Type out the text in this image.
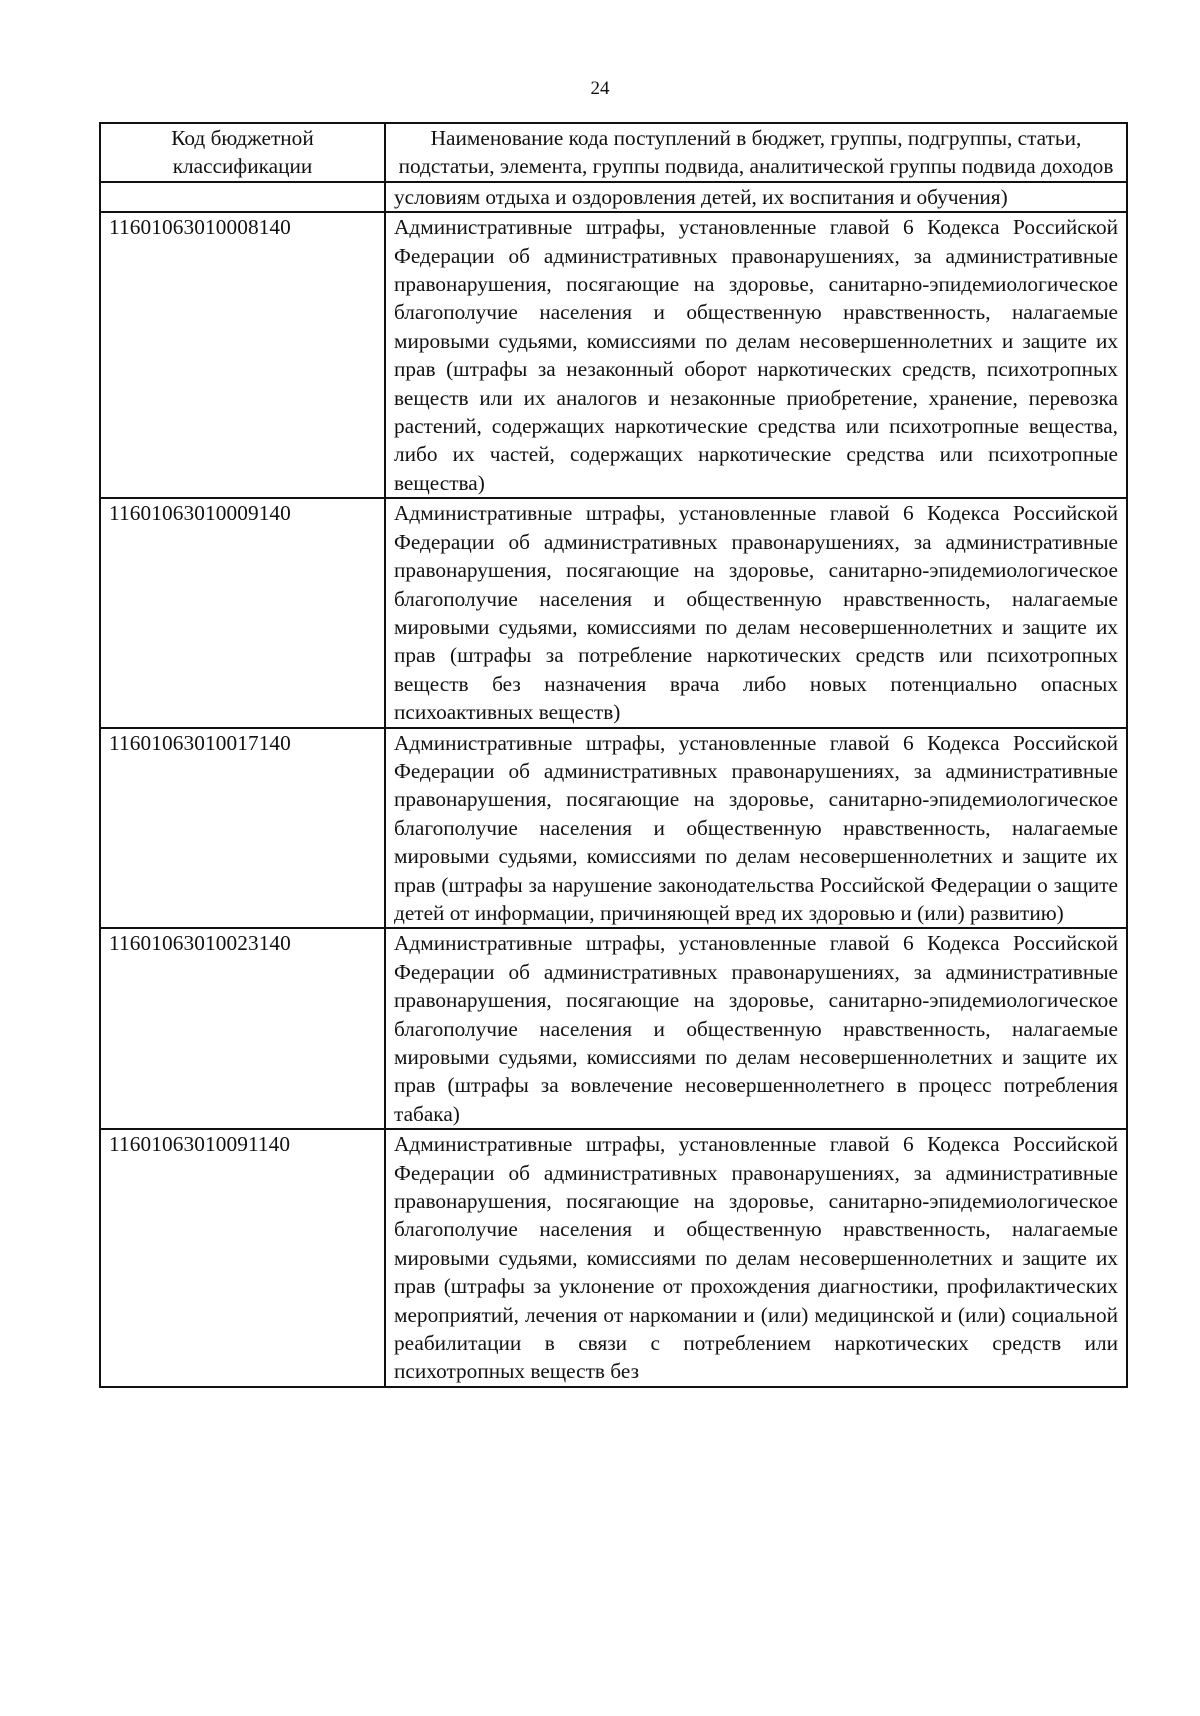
24
Код бюджетной классификации	Наименование кода поступлений в бюджет, группы, подгруппы, статьи, подстатьи, элемента, группы подвида, аналитической группы подвида доходов
	условиям отдыха и оздоровления детей, их воспитания и обучения)
11601063010008140	Административные штрафы, установленные главой 6 Кодекса Российской Федерации об административных правонарушениях, за административные правонарушения, посягающие на здоровье, санитарно-эпидемиологическое благополучие населения и общественную нравственность, налагаемые мировыми судьями, комиссиями по делам несовершеннолетних и защите их прав (штрафы за незаконный оборот наркотических средств, психотропных веществ или их аналогов и незаконные приобретение, хранение, перевозка растений, содержащих наркотические средства или психотропные вещества, либо их частей, содержащих наркотические средства или психотропные вещества)
11601063010009140	Административные штрафы, установленные главой 6 Кодекса Российской Федерации об административных правонарушениях, за административные правонарушения, посягающие на здоровье, санитарно-эпидемиологическое благополучие населения и общественную нравственность, налагаемые мировыми судьями, комиссиями по делам несовершеннолетних и защите их прав (штрафы за потребление наркотических средств или психотропных веществ без назначения врача либо новых потенциально опасных психоактивных веществ)
11601063010017140	Административные штрафы, установленные главой 6 Кодекса Российской Федерации об административных правонарушениях, за административные правонарушения, посягающие на здоровье, санитарно-эпидемиологическое благополучие населения и общественную нравственность, налагаемые мировыми судьями, комиссиями по делам несовершеннолетних и защите их прав (штрафы за нарушение законодательства Российской Федерации о защите детей от информации, причиняющей вред их здоровью и (или) развитию)
11601063010023140	Административные штрафы, установленные главой 6 Кодекса Российской Федерации об административных правонарушениях, за административные правонарушения, посягающие на здоровье, санитарно-эпидемиологическое благополучие населения и общественную нравственность, налагаемые мировыми судьями, комиссиями по делам несовершеннолетних и защите их прав (штрафы за вовлечение несовершеннолетнего в процесс потребления табака)
11601063010091140	Административные штрафы, установленные главой 6 Кодекса Российской Федерации об административных правонарушениях, за административные правонарушения, посягающие на здоровье, санитарно-эпидемиологическое благополучие населения и общественную нравственность, налагаемые мировыми судьями, комиссиями по делам несовершеннолетних и защите их прав (штрафы за уклонение от прохождения диагностики, профилактических мероприятий, лечения от наркомании и (или) медицинской и (или) социальной реабилитации в связи с потреблением наркотических средств или психотропных веществ без
